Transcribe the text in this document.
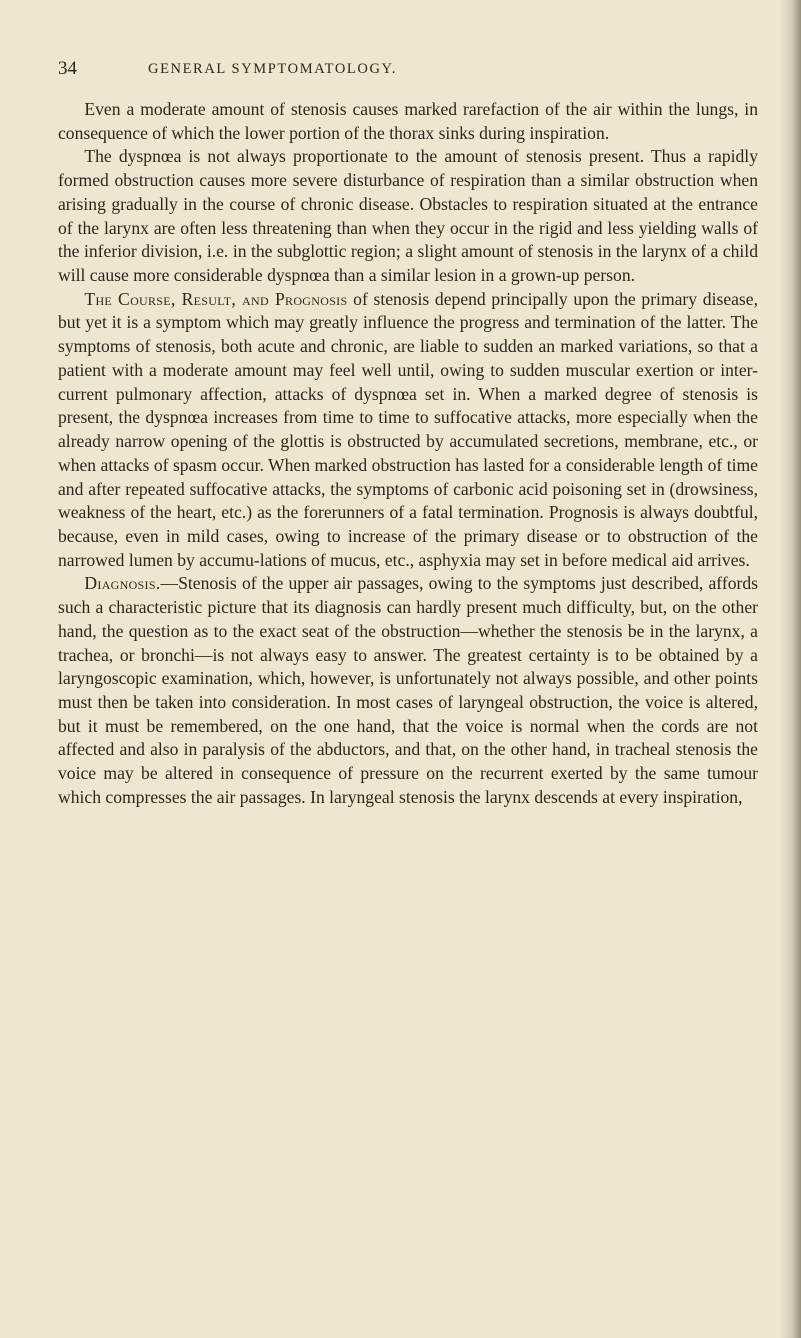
34	GENERAL SYMPTOMATOLOGY.

Even a moderate amount of stenosis causes marked rarefaction of the air within the lungs, in consequence of which the lower portion of the thorax sinks during inspiration.

The dyspnœa is not always proportionate to the amount of stenosis present. Thus a rapidly formed obstruction causes more severe disturbance of respiration than a similar obstruction when arising gradually in the course of chronic disease. Obstacles to respiration situated at the entrance of the larynx are often less threatening than when they occur in the rigid and less yielding walls of the inferior division, i.e. in the subglottic region; a slight amount of stenosis in the larynx of a child will cause more considerable dyspnœa than a similar lesion in a grown-up person.

The Course, Result, and Prognosis of stenosis depend principally upon the primary disease, but yet it is a symptom which may greatly influence the progress and termination of the latter. The symptoms of stenosis, both acute and chronic, are liable to sudden an marked variations, so that a patient with a moderate amount may feel well until, owing to sudden muscular exertion or inter-current pulmonary affection, attacks of dyspnœa set in. When a marked degree of stenosis is present, the dyspnœa increases from time to time to suffocative attacks, more especially when the already narrow opening of the glottis is obstructed by accumulated secretions, membrane, etc., or when attacks of spasm occur. When marked obstruction has lasted for a considerable length of time and after repeated suffocative attacks, the symptoms of carbonic acid poisoning set in (drowsiness, weakness of the heart, etc.) as the forerunners of a fatal termination. Prognosis is always doubtful, because, even in mild cases, owing to increase of the primary disease or to obstruction of the narrowed lumen by accumu-lations of mucus, etc., asphyxia may set in before medical aid arrives.

Diagnosis.—Stenosis of the upper air passages, owing to the symptoms just described, affords such a characteristic picture that its diagnosis can hardly present much difficulty, but, on the other hand, the question as to the exact seat of the obstruction—whether the stenosis be in the larynx, a trachea, or bronchi—is not always easy to answer. The greatest certainty is to be obtained by a laryngoscopic examination, which, however, is unfortunately not always possible, and other points must then be taken into consideration. In most cases of laryngeal obstruction, the voice is altered, but it must be remembered, on the one hand, that the voice is normal when the cords are not affected and also in paralysis of the abductors, and that, on the other hand, in tracheal stenosis the voice may be altered in consequence of pressure on the recurrent exerted by the same tumour which compresses the air passages. In laryngeal stenosis the larynx descends at every inspiration,
